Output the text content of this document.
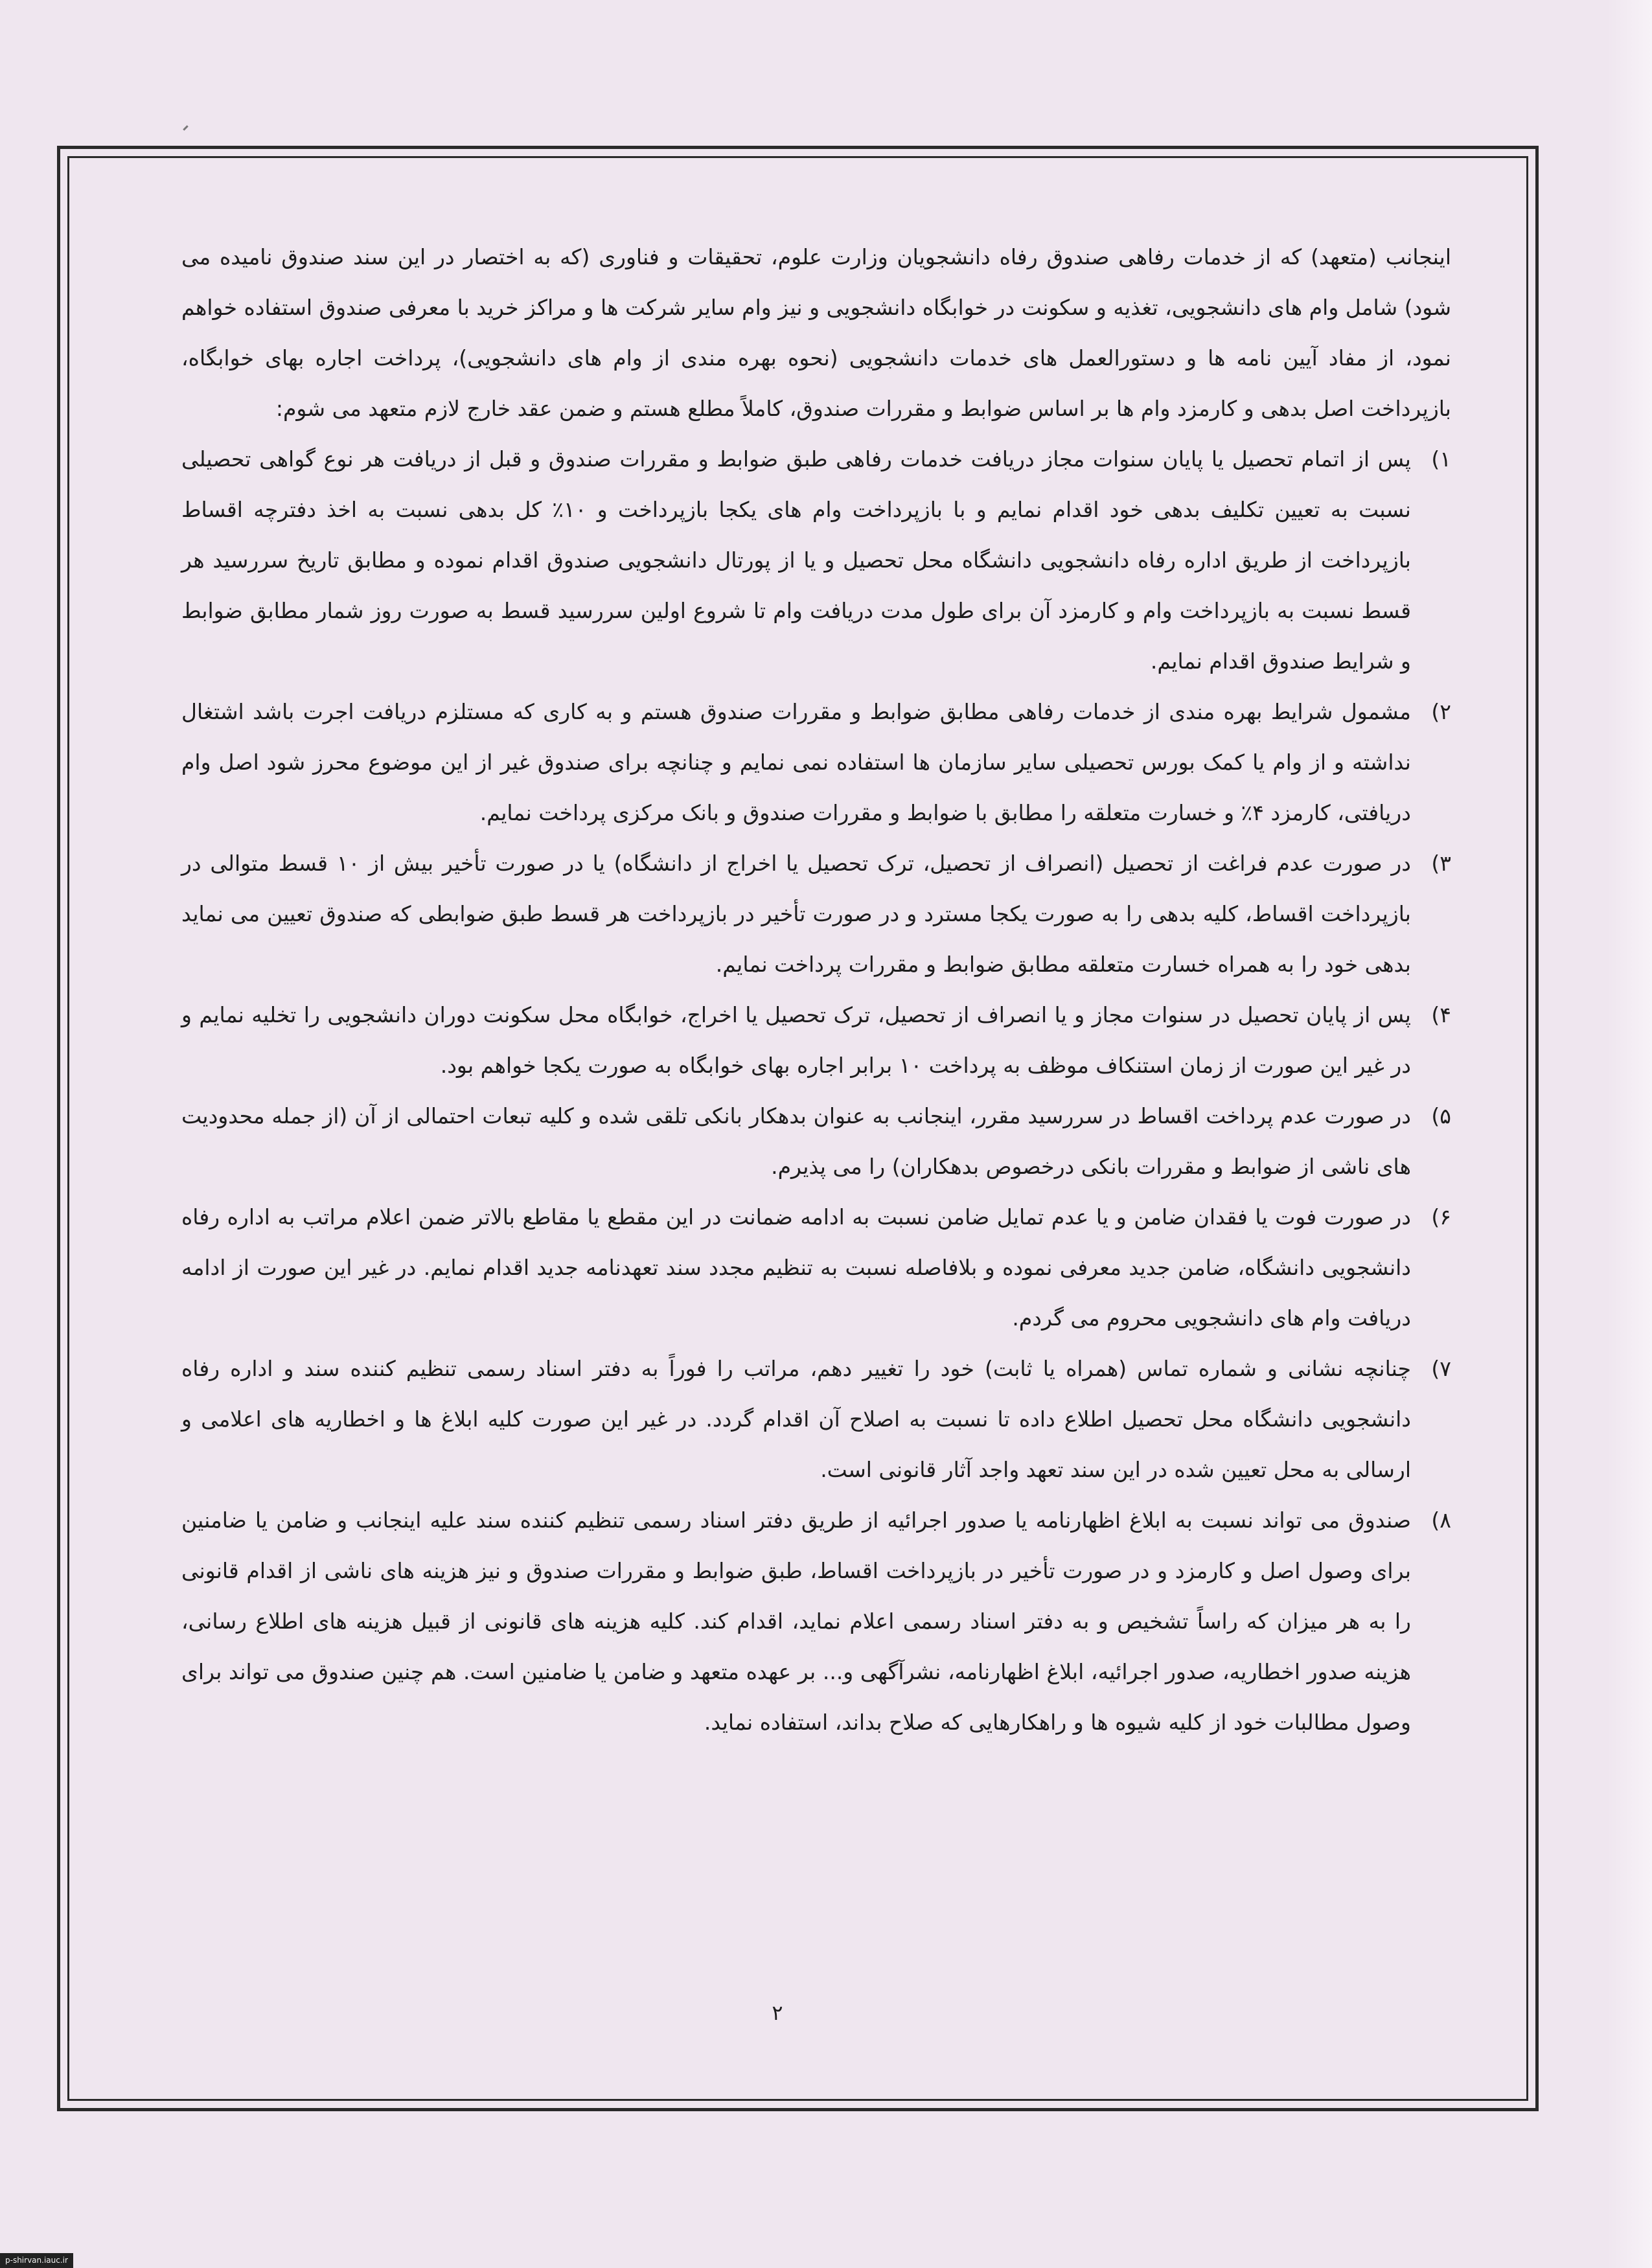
اینجانب (متعهد) که از خدمات رفاهی صندوق رفاه دانشجویان وزارت علوم، تحقیقات و فناوری (که به اختصار در این سند صندوق نامیده می شود) شامل وام های دانشجویی، تغذیه و سکونت در خوابگاه دانشجویی و نیز وام سایر شرکت ها و مراکز خرید با معرفی صندوق استفاده خواهم نمود، از مفاد آیین نامه ها و دستورالعمل های خدمات دانشجویی (نحوه بهره مندی از وام های دانشجویی)، پرداخت اجاره بهای خوابگاه، بازپرداخت اصل بدهی و کارمزد وام ها بر اساس ضوابط و مقررات صندوق، کاملاً مطلع هستم و ضمن عقد خارج لازم متعهد می شوم:

۱)
پس از اتمام تحصیل یا پایان سنوات مجاز دریافت خدمات رفاهی طبق ضوابط و مقررات صندوق و قبل از دریافت هر نوع گواهی تحصیلی نسبت به تعیین تکلیف بدهی خود اقدام نمایم و با بازپرداخت وام های یکجا بازپرداخت و ۱۰٪ کل بدهی نسبت به اخذ دفترچه اقساط بازپرداخت از طریق اداره رفاه دانشجویی دانشگاه محل تحصیل و یا از پورتال دانشجویی صندوق اقدام نموده و مطابق تاریخ سررسید هر قسط نسبت به بازپرداخت وام و کارمزد آن برای طول مدت دریافت وام تا شروع اولین سررسید قسط به صورت روز شمار مطابق ضوابط و شرایط صندوق اقدام نمایم.
۲)
مشمول شرایط بهره مندی از خدمات رفاهی مطابق ضوابط و مقررات صندوق هستم و به کاری که مستلزم دریافت اجرت باشد اشتغال نداشته و از وام یا کمک بورس تحصیلی سایر سازمان ها استفاده نمی نمایم و چنانچه برای صندوق غیر از این موضوع محرز شود اصل وام دریافتی، کارمزد ۴٪ و خسارت متعلقه را مطابق با ضوابط و مقررات صندوق و بانک مرکزی پرداخت نمایم.
۳)
در صورت عدم فراغت از تحصیل (انصراف از تحصیل، ترک تحصیل یا اخراج از دانشگاه) یا در صورت تأخیر بیش از ۱۰ قسط متوالی در بازپرداخت اقساط، کلیه بدهی را به صورت یکجا مسترد و در صورت تأخیر در بازپرداخت هر قسط طبق ضوابطی که صندوق تعیین می نماید بدهی خود را به همراه خسارت متعلقه مطابق ضوابط و مقررات پرداخت نمایم.
۴)
پس از پایان تحصیل در سنوات مجاز و یا انصراف از تحصیل، ترک تحصیل یا اخراج، خوابگاه محل سکونت دوران دانشجویی را تخلیه نمایم و در غیر این صورت از زمان استنکاف موظف به پرداخت ۱۰ برابر اجاره بهای خوابگاه به صورت یکجا خواهم بود.
۵)
در صورت عدم پرداخت اقساط در سررسید مقرر، اینجانب به عنوان بدهکار بانکی تلقی شده و کلیه تبعات احتمالی از آن (از جمله محدودیت های ناشی از ضوابط و مقررات بانکی درخصوص بدهکاران) را می پذیرم.
۶)
در صورت فوت یا فقدان ضامن و یا عدم تمایل ضامن نسبت به ادامه ضمانت در این مقطع یا مقاطع بالاتر ضمن اعلام مراتب به اداره رفاه دانشجویی دانشگاه، ضامن جدید معرفی نموده و بلافاصله نسبت به تنظیم مجدد سند تعهدنامه جدید اقدام نمایم. در غیر این صورت از ادامه دریافت وام های دانشجویی محروم می گردم.
۷)
چنانچه نشانی و شماره تماس (همراه یا ثابت) خود را تغییر دهم، مراتب را فوراً به دفتر اسناد رسمی تنظیم کننده سند و اداره رفاه دانشجویی دانشگاه محل تحصیل اطلاع داده تا نسبت به اصلاح آن اقدام گردد. در غیر این صورت کلیه ابلاغ ها و اخطاریه های اعلامی و ارسالی به محل تعیین شده در این سند تعهد واجد آثار قانونی است.
۸)
صندوق می تواند نسبت به ابلاغ اظهارنامه یا صدور اجرائیه از طریق دفتر اسناد رسمی تنظیم کننده سند علیه اینجانب و ضامن یا ضامنین برای وصول اصل و کارمزد و در صورت تأخیر در بازپرداخت اقساط، طبق ضوابط و مقررات صندوق و نیز هزینه های ناشی از اقدام قانونی را به هر میزان که راساً تشخیص و به دفتر اسناد رسمی اعلام نماید، اقدام کند. کلیه هزینه های قانونی از قبیل هزینه های اطلاع رسانی، هزینه صدور اخطاریه، صدور اجرائیه، ابلاغ اظهارنامه، نشرآگهی و... بر عهده متعهد و ضامن یا ضامنین است. هم چنین صندوق می تواند برای وصول مطالبات خود از کلیه شیوه ها و راهکارهایی که صلاح بداند، استفاده نماید.
۲
p-shirvan.iauc.ir
